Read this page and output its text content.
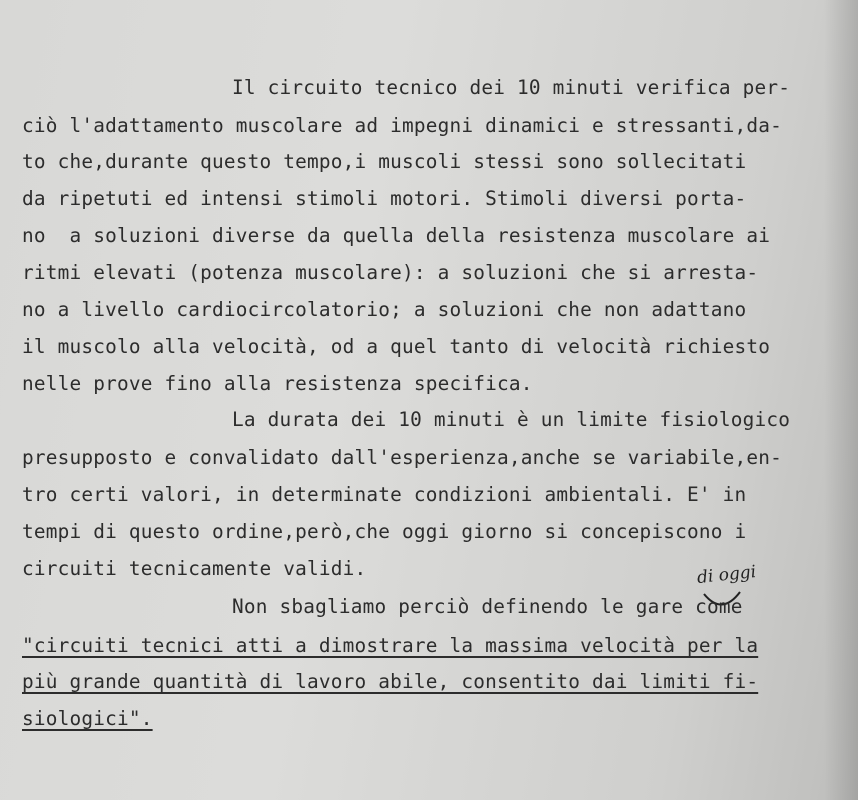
Il circuito tecnico dei 10 minuti verifica per-
ciò l'adattamento muscolare ad impegni dinamici e stressanti,da-
to che,durante questo tempo,i muscoli stessi sono sollecitati
da ripetuti ed intensi stimoli motori. Stimoli diversi porta-
no  a soluzioni diverse da quella della resistenza muscolare ai
ritmi elevati (potenza muscolare): a soluzioni che si arresta-
no a livello cardiocircolatorio; a soluzioni che non adattano
il muscolo alla velocità, od a quel tanto di velocità richiesto
nelle prove fino alla resistenza specifica.
La durata dei 10 minuti è un limite fisiologico
presupposto e convalidato dall'esperienza,anche se variabile,en-
tro certi valori, in determinate condizioni ambientali. E' in
tempi di questo ordine,però,che oggi giorno si concepiscono i
circuiti tecnicamente validi.	di oggi
Non sbagliamo perciò definendo le gare come
"circuiti tecnici atti a dimostrare la massima velocità per la
più grande quantità di lavoro abile, consentito dai limiti fi-
siologici".
